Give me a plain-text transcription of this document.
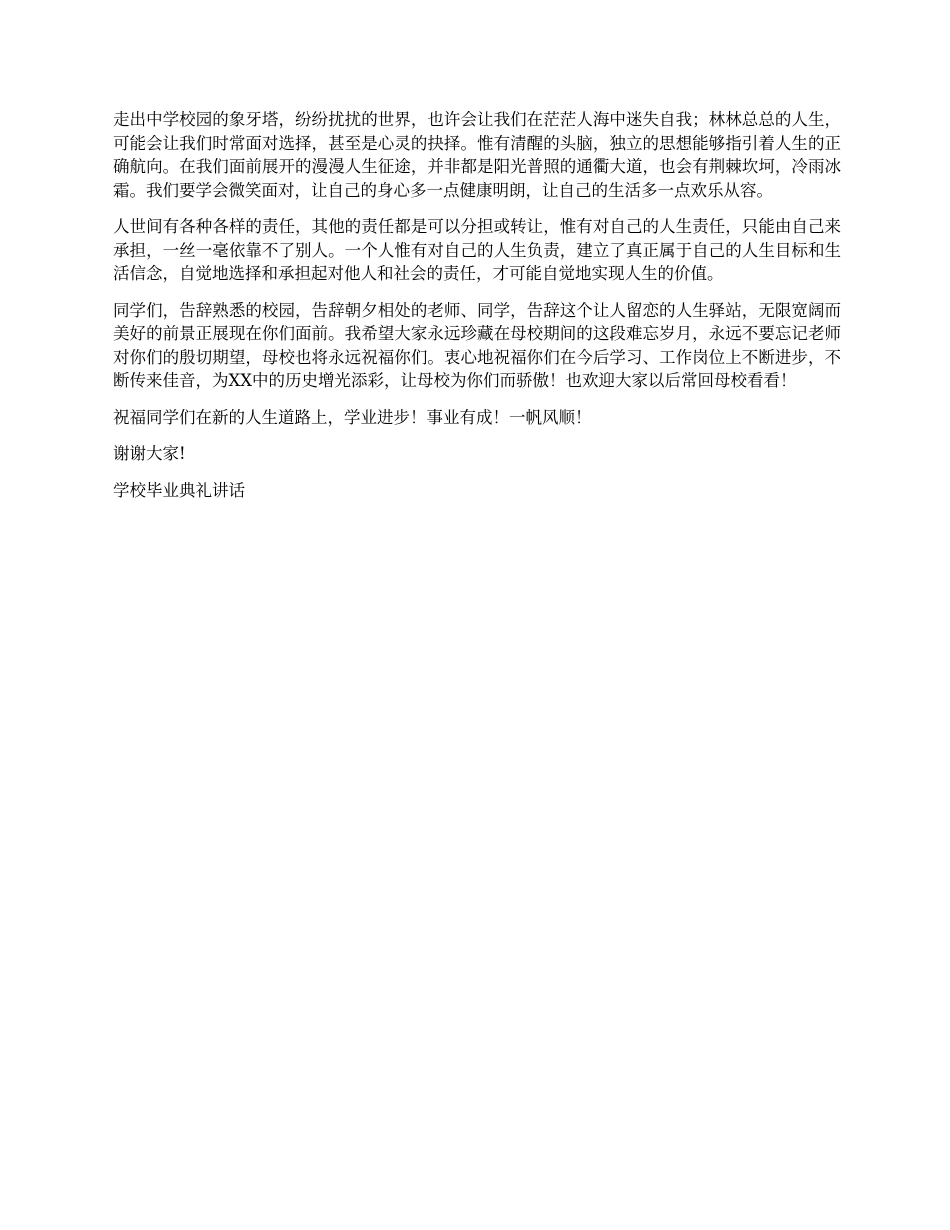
走出中学校园的象牙塔，纷纷扰扰的世界，也许会让我们在茫茫人海中迷失自我；林林总总的人生，可能会让我们时常面对选择，甚至是心灵的抉择。惟有清醒的头脑，独立的思想能够指引着人生的正确航向。在我们面前展开的漫漫人生征途，并非都是阳光普照的通衢大道，也会有荆棘坎坷，冷雨冰霜。我们要学会微笑面对，让自己的身心多一点健康明朗，让自己的生活多一点欢乐从容。

人世间有各种各样的责任，其他的责任都是可以分担或转让，惟有对自己的人生责任，只能由自己来承担，一丝一毫依靠不了别人。一个人惟有对自己的人生负责，建立了真正属于自己的人生目标和生活信念，自觉地选择和承担起对他人和社会的责任，才可能自觉地实现人生的价值。

同学们，告辞熟悉的校园，告辞朝夕相处的老师、同学，告辞这个让人留恋的人生驿站，无限宽阔而美好的前景正展现在你们面前。我希望大家永远珍藏在母校期间的这段难忘岁月，永远不要忘记老师对你们的殷切期望，母校也将永远祝福你们。衷心地祝福你们在今后学习、工作岗位上不断进步，不断传来佳音，为XX中的历史增光添彩，让母校为你们而骄傲！也欢迎大家以后常回母校看看！

祝福同学们在新的人生道路上，学业进步！事业有成！一帆风顺！

谢谢大家!

学校毕业典礼讲话
